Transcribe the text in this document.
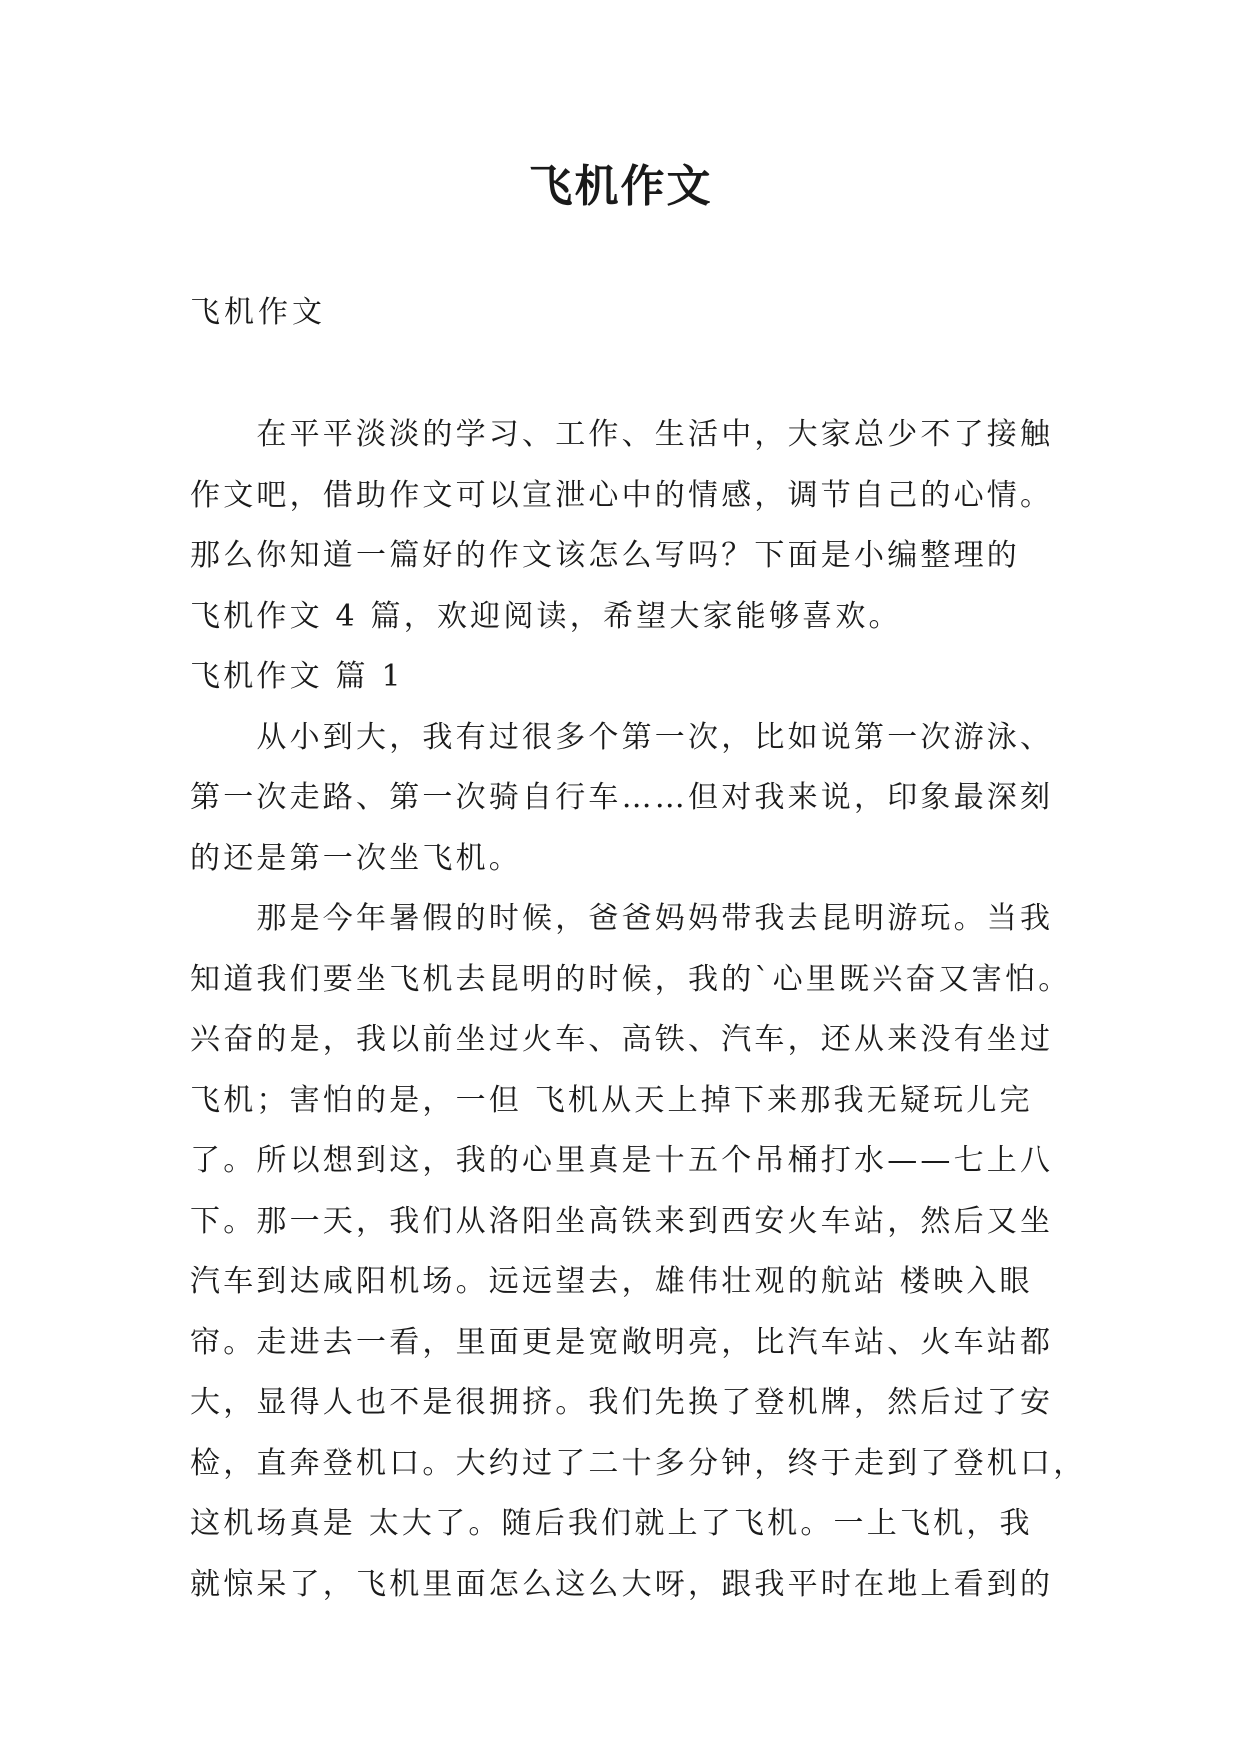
飞机作文
飞机作文
　　在平平淡淡的学习、工作、生活中，大家总少不了接触
作文吧，借助作文可以宣泄心中的情感，调节自己的心情。
那么你知道一篇好的作文该怎么写吗？下面是小编整理的
飞机作文 4 篇，欢迎阅读，希望大家能够喜欢。
飞机作文 篇 1
　　从小到大，我有过很多个第一次，比如说第一次游泳、
第一次走路、第一次骑自行车……但对我来说，印象最深刻
的还是第一次坐飞机。
　　那是今年暑假的时候，爸爸妈妈带我去昆明游玩。当我
知道我们要坐飞机去昆明的时候，我的`心里既兴奋又害怕。
兴奋的是，我以前坐过火车、高铁、汽车，还从来没有坐过
飞机；害怕的是，一但 飞机从天上掉下来那我无疑玩儿完
了。所以想到这，我的心里真是十五个吊桶打水——七上八
下。那一天，我们从洛阳坐高铁来到西安火车站，然后又坐
汽车到达咸阳机场。远远望去，雄伟壮观的航站 楼映入眼
帘。走进去一看，里面更是宽敞明亮，比汽车站、火车站都
大，显得人也不是很拥挤。我们先换了登机牌，然后过了安
检，直奔登机口。大约过了二十多分钟，终于走到了登机口，
这机场真是 太大了。随后我们就上了飞机。一上飞机，我
就惊呆了，飞机里面怎么这么大呀，跟我平时在地上看到的
